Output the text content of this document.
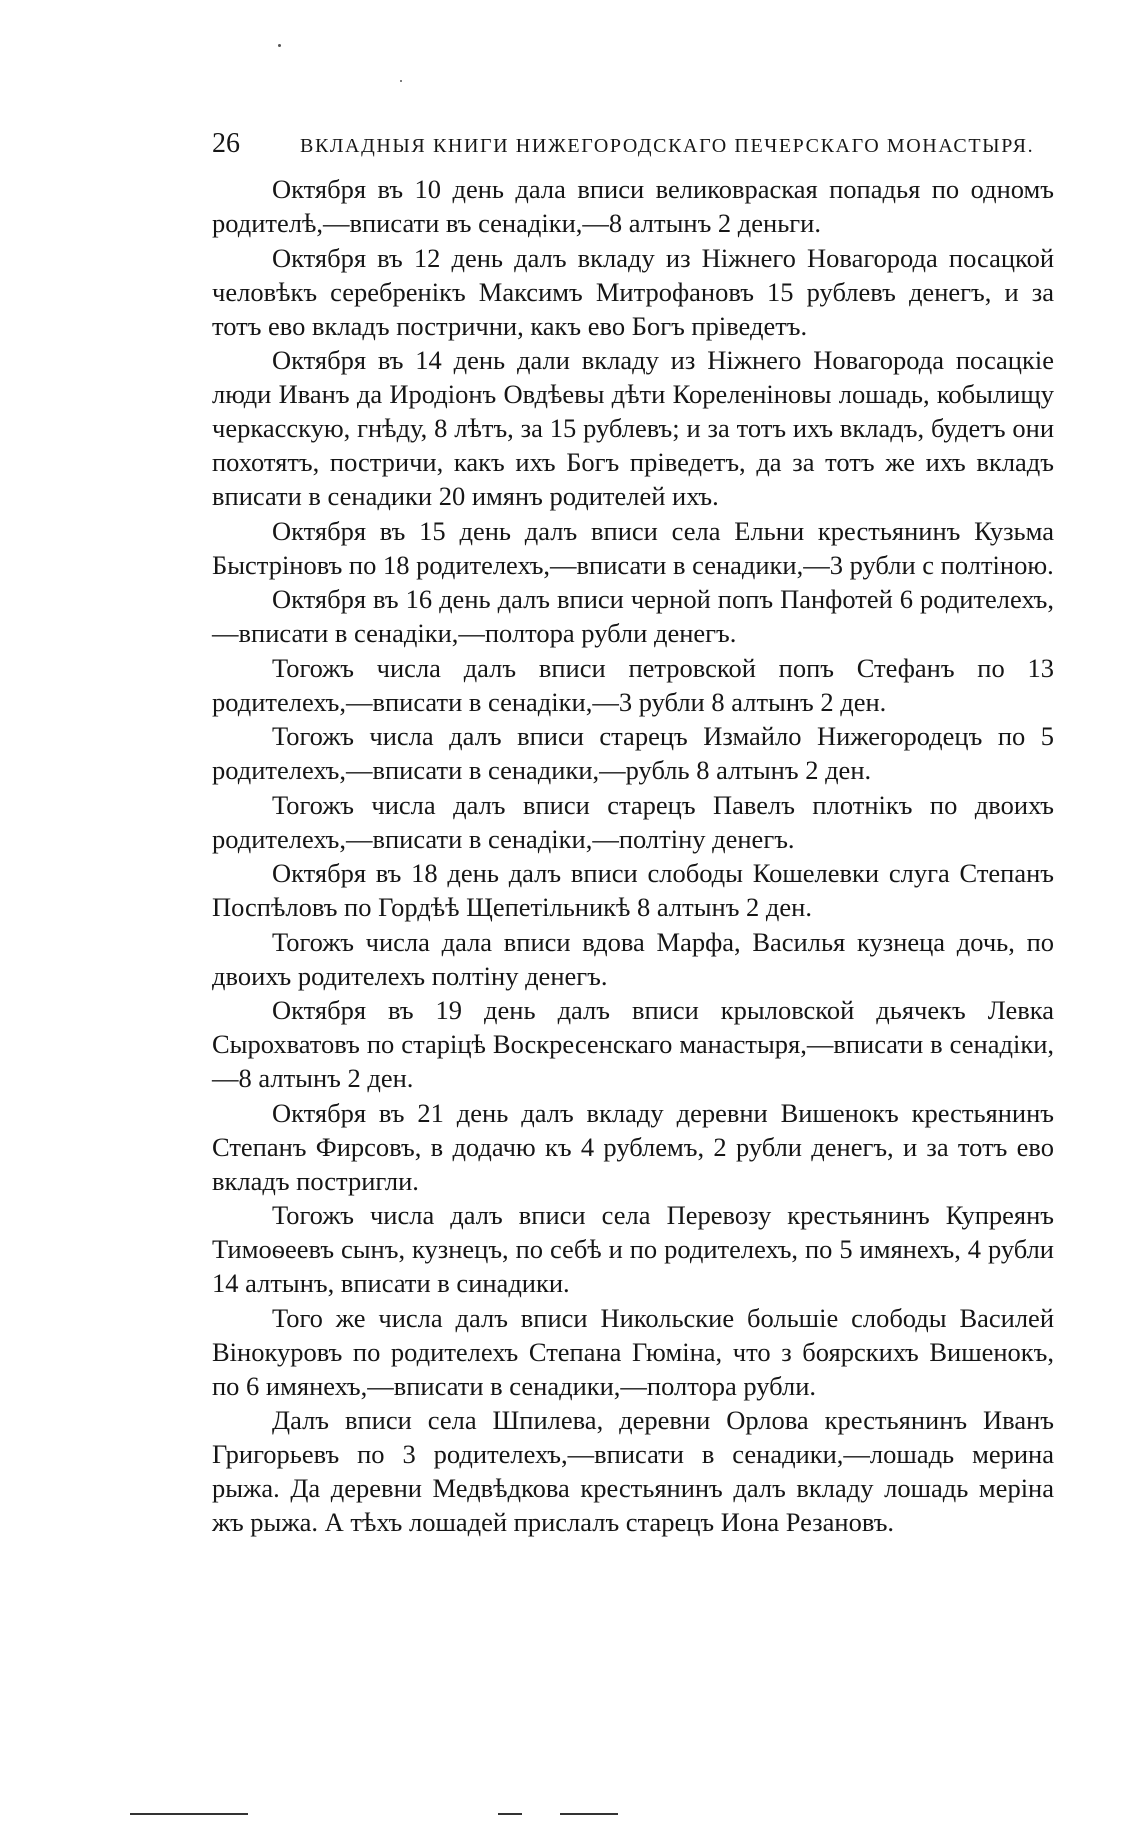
26	ВКЛАДНЫЯ КНИГИ НИЖЕГОРОДСКАГО ПЕЧЕРСКАГО МОНАСТЫРЯ.

Октября въ 10 день дала вписи великовраская попадья по одномъ родителѣ,—вписати въ сенадіки,—8 алтынъ 2 деньги.

Октября въ 12 день далъ вкладу из Ніжнего Новагорода посацкой человѣкъ серебренікъ Максимъ Митрофановъ 15 рублевъ денегъ, и за тотъ ево вкладъ пострични, какъ ево Богъ пріведетъ.

Октября въ 14 день дали вкладу из Ніжнего Новагорода посацкіе люди Иванъ да Иродіонъ Овдѣевы дѣти Кореленіновы лошадь, кобылищу черкасскую, гнѣду, 8 лѣтъ, за 15 рублевъ; и за тотъ ихъ вкладъ, будетъ они похотятъ, постричи, какъ ихъ Богъ пріведетъ, да за тотъ же ихъ вкладъ вписати в сенадики 20 имянъ родителей ихъ.

Октября въ 15 день далъ вписи села Ельни крестьянинъ Кузьма Быстріновъ по 18 родителехъ,—вписати в сенадики,—3 рубли с полтіною.

Октября въ 16 день далъ вписи черной попъ Панфотей 6 родителехъ,—вписати в сенадіки,—полтора рубли денегъ.

Тогожъ числа далъ вписи петровской попъ Стефанъ по 13 родителехъ,—вписати в сенадіки,—3 рубли 8 алтынъ 2 ден.

Тогожъ числа далъ вписи старецъ Измайло Нижегородецъ по 5 родителехъ,—вписати в сенадики,—рубль 8 алтынъ 2 ден.

Тогожъ числа далъ вписи старецъ Павелъ плотнікъ по двоихъ родителехъ,—вписати в сенадіки,—полтіну денегъ.

Октября въ 18 день далъ вписи слободы Кошелевки слуга Степанъ Поспѣловъ по Гордѣѣ Щепетільникѣ 8 алтынъ 2 ден.

Тогожъ числа дала вписи вдова Марфа, Василья кузнеца дочь, по двоихъ родителехъ полтіну денегъ.

Октября въ 19 день далъ вписи крыловской дьячекъ Левка Сырохватовъ по старіцѣ Воскресенскаго манастыря,—вписати в сенадіки,—8 алтынъ 2 ден.

Октября въ 21 день далъ вкладу деревни Вишенокъ крестьянинъ Степанъ Фирсовъ, в додачю къ 4 рублемъ, 2 рубли денегъ, и за тотъ ево вкладъ постригли.

Тогожъ числа далъ вписи села Перевозу крестьянинъ Купреянъ Тимоѳеевъ сынъ, кузнецъ, по себѣ и по родителехъ, по 5 имянехъ, 4 рубли 14 алтынъ, вписати в синадики.

Того же числа далъ вписи Никольские большіе слободы Василей Вінокуровъ по родителехъ Степана Гюміна, что з боярскихъ Вишенокъ, по 6 имянехъ,—вписати в сенадики,—полтора рубли.

Далъ вписи села Шпилева, деревни Орлова крестьянинъ Иванъ Григорьевъ по 3 родителехъ,—вписати в сенадики,—лошадь мерина рыжа. Да деревни Медвѣдкова крестьянинъ далъ вкладу лошадь меріна жъ рыжа. А тѣхъ лошадей прислалъ старецъ Иона Резановъ.
